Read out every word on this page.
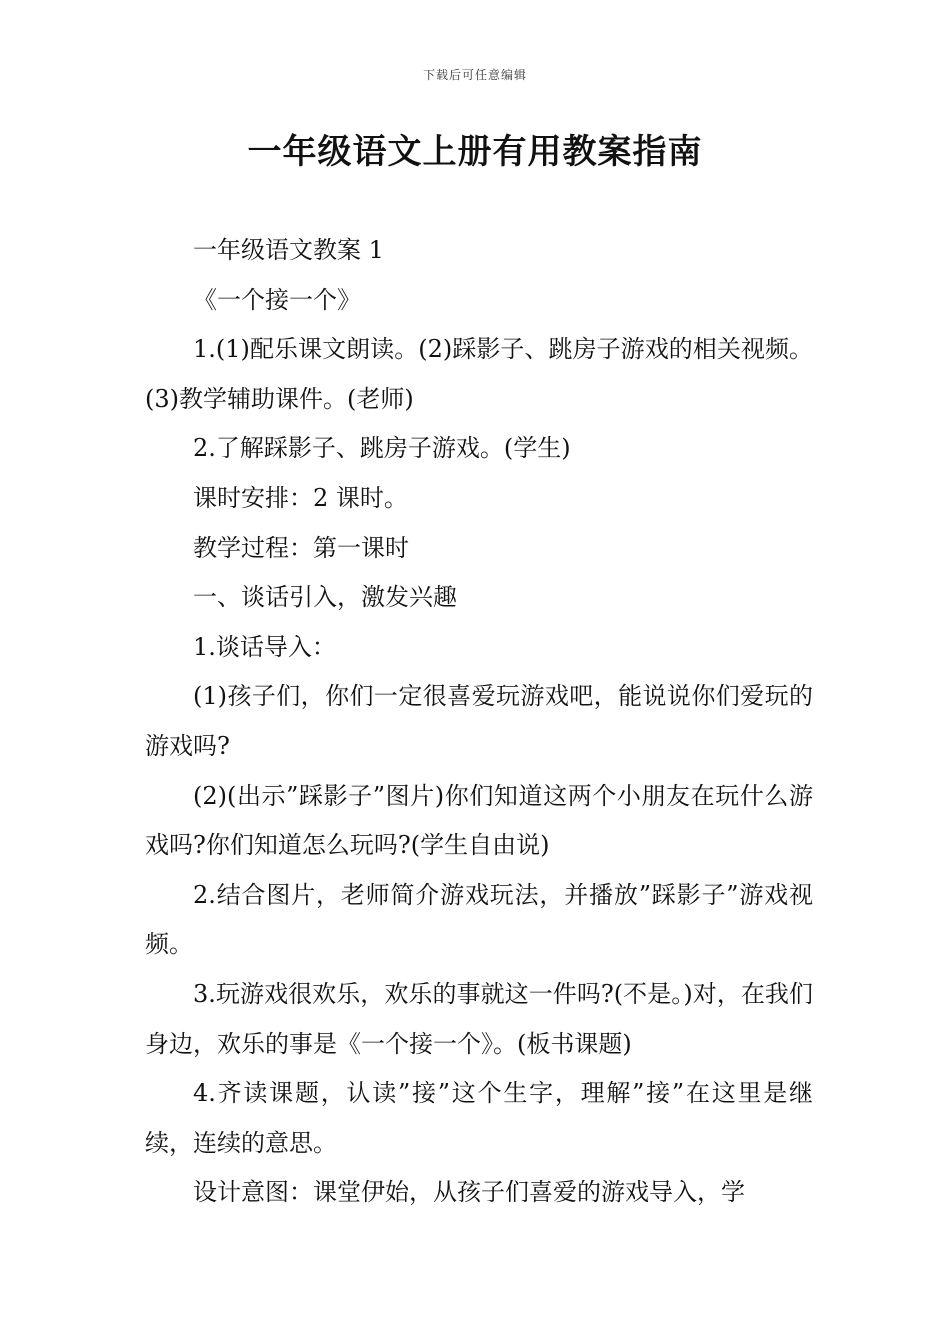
下载后可任意编辑
一年级语文上册有用教案指南

一年级语文教案 1

《一个接一个》

1.(1)配乐课文朗读。(2)踩影子、跳房子游戏的相关视频。(3)教学辅助课件。(老师)

2.了解踩影子、跳房子游戏。(学生)

课时安排：2 课时。

教学过程：第一课时

一、谈话引入，激发兴趣

1.谈话导入：

(1)孩子们，你们一定很喜爱玩游戏吧，能说说你们爱玩的游戏吗?

(2)(出示”踩影子”图片)你们知道这两个小朋友在玩什么游戏吗?你们知道怎么玩吗?(学生自由说)

2.结合图片，老师简介游戏玩法，并播放”踩影子”游戏视频。

3.玩游戏很欢乐，欢乐的事就这一件吗?(不是。)对，在我们身边，欢乐的事是《一个接一个》。(板书课题)

4.齐读课题，认读”接”这个生字，理解”接”在这里是继续，连续的意思。

设计意图：课堂伊始，从孩子们喜爱的游戏导入，学
